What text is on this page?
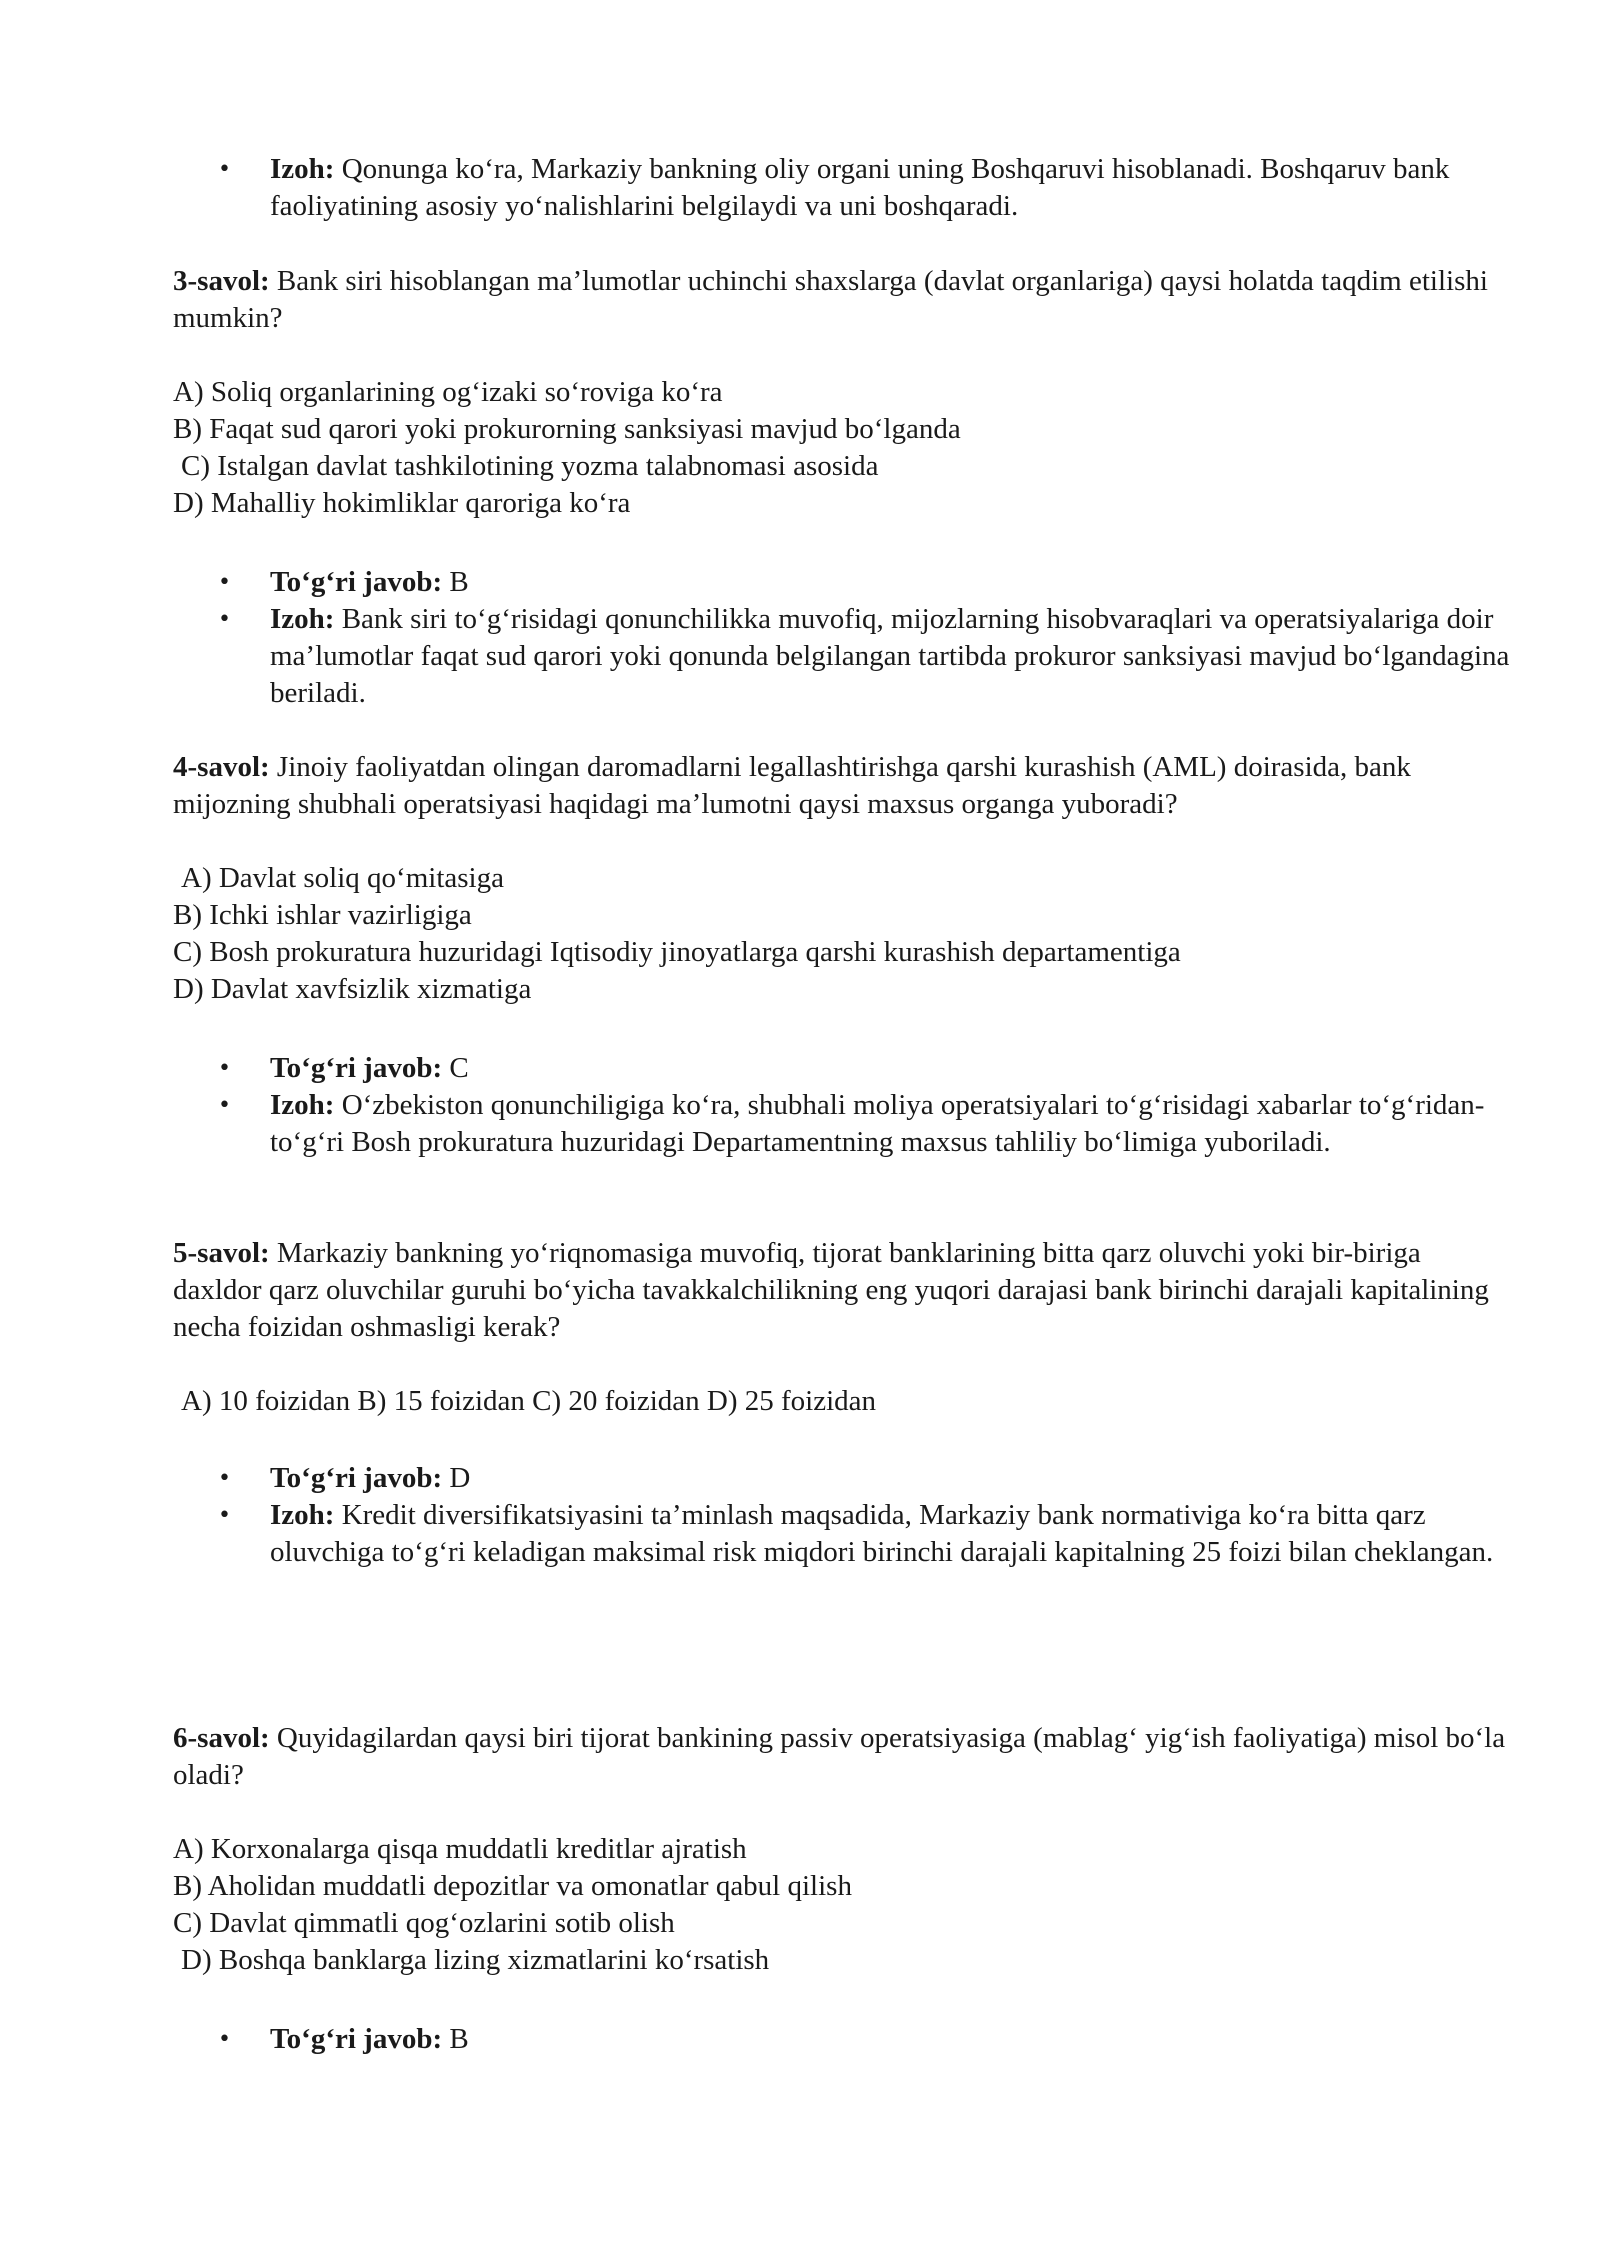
• Izoh: Qonunga ko‘ra, Markaziy bankning oliy organi uning Boshqaruvi hisoblanadi. Boshqaruv bank faoliyatining asosiy yo‘nalishlarini belgilaydi va uni boshqaradi.

3-savol: Bank siri hisoblangan ma’lumotlar uchinchi shaxslarga (davlat organlariga) qaysi holatda taqdim etilishi mumkin?

A) Soliq organlarining og‘izaki so‘roviga ko‘ra
B) Faqat sud qarori yoki prokurorning sanksiyasi mavjud bo‘lganda
C) Istalgan davlat tashkilotining yozma talabnomasi asosida
D) Mahalliy hokimliklar qaroriga ko‘ra
• To‘g‘ri javob: B
• Izoh: Bank siri to‘g‘risidagi qonunchilikka muvofiq, mijozlarning hisobvaraqlari va operatsiyalariga doir ma’lumotlar faqat sud qarori yoki qonunda belgilangan tartibda prokuror sanksiyasi mavjud bo‘lgandagina beriladi.

4-savol: Jinoiy faoliyatdan olingan daromadlarni legallashtirishga qarshi kurashish (AML) doirasida, bank mijozning shubhali operatsiyasi haqidagi ma’lumotni qaysi maxsus organga yuboradi?

A) Davlat soliq qo‘mitasiga
B) Ichki ishlar vazirligiga
C) Bosh prokuratura huzuridagi Iqtisodiy jinoyatlarga qarshi kurashish departamentiga
D) Davlat xavfsizlik xizmatiga
• To‘g‘ri javob: C
• Izoh: O‘zbekiston qonunchiligiga ko‘ra, shubhali moliya operatsiyalari to‘g‘risidagi xabarlar to‘g‘ridan-to‘g‘ri Bosh prokuratura huzuridagi Departamentning maxsus tahliliy bo‘limiga yuboriladi.

5-savol: Markaziy bankning yo‘riqnomasiga muvofiq, tijorat banklarining bitta qarz oluvchi yoki bir-biriga daxldor qarz oluvchilar guruhi bo‘yicha tavakkalchilikning eng yuqori darajasi bank birinchi darajali kapitalining necha foizidan oshmasligi kerak?

A) 10 foizidan B) 15 foizidan C) 20 foizidan D) 25 foizidan
• To‘g‘ri javob: D
• Izoh: Kredit diversifikatsiyasini ta’minlash maqsadida, Markaziy bank normativiga ko‘ra bitta qarz oluvchiga to‘g‘ri keladigan maksimal risk miqdori birinchi darajali kapitalning 25 foizi bilan cheklangan.

6-savol: Quyidagilardan qaysi biri tijorat bankining passiv operatsiyasiga (mablag‘ yig‘ish faoliyatiga) misol bo‘la oladi?

A) Korxonalarga qisqa muddatli kreditlar ajratish
B) Aholidan muddatli depozitlar va omonatlar qabul qilish
C) Davlat qimmatli qog‘ozlarini sotib olish
D) Boshqa banklarga lizing xizmatlarini ko‘rsatish
• To‘g‘ri javob: B
